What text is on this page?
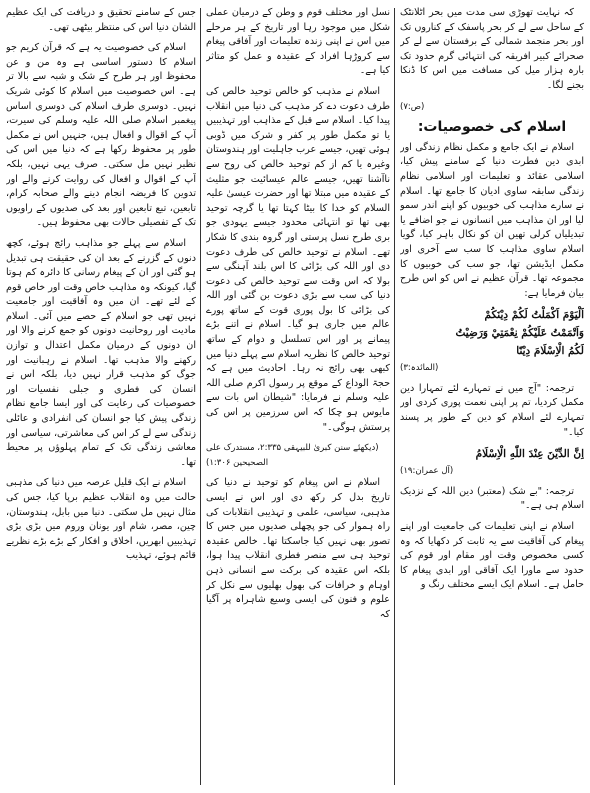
کہ نہایت تھوڑی سی مدت میں بحر اٹلانٹک کے ساحل سے لے کر بحر پاسفک کے کناروں تک اور بحر منجمد شمالی کے برفستان سے لے کر صحرائے کبیر افریقہ کی انتہائی گرم حدود تک بارہ ہزار میل کی مسافت میں اس کا ڈنکا بجنے لگا۔

(ص:۷)

اسلام کی خصوصیات:

اسلام نے ایک جامع و مکمل نظام زندگی اور ابدی دین فطرت دنیا کے سامنے پیش کیا، اسلامی عقائد و تعلیمات اور اسلامی نظام زندگی سابقہ ساوی ادیان کا جامع تھا۔ اسلام نے سارے مذاہب کی خوبیوں کو اپنے اندر سمو لیا اور ان مذاہب میں انسانوں نے جو اضافے یا تبدیلیاں کرلی تھیں ان کو نکال باہر کیا، گویا اسلام ساوی مذاہب کا سب سے آخری اور مکمل ایڈیشن تھا، جو سب کی خوبیوں کا مجموعہ تھا۔ قرآن عظیم نے اس کو اس طرح بیان فرمایا ہے:

اَلْيَوْمَ اَكْمَلْتُ لَكُمْ دِيْنَكُمْ
وَاَتْمَمْتُ عَلَيْكُمْ نِعْمَتِيْ وَرَضِيْتُ
لَكُمُ الْاِسْلَامَ دِيْنًا

(المائدہ:۳)

ترجمہ: "آج میں نے تمہارے لئے تمہارا دین مکمل کردیا، تم پر اپنی نعمت پوری کردی اور تمہارے لئے اسلام کو دین کے طور پر پسند کیا۔"

اِنَّ الدِّيْنَ عِنْدَ اللّٰهِ الْاِسْلَامُ

(آل عمران:۱۹)

ترجمہ: "بے شک (معتبر) دین اللہ کے نزدیک اسلام ہی ہے۔"

اسلام نے اپنی تعلیمات کی جامعیت اور اپنے پیغام کی آفاقیت سے یہ ثابت کر دکھایا کہ وہ کسی مخصوص وقت اور مقام اور قوم کی حدود سے ماورا ایک آفاقی اور ابدی پیغام کا حامل ہے۔ اسلام ایک ایسے مختلف رنگ و

نسل اور مختلف قوم و وطن کے درمیان عملی شکل میں موجود رہا اور تاریخ کے ہر مرحلے میں اس نے اپنی زندہ تعلیمات اور آفاقی پیغام سے کروڑہا افراد کے عقیدہ و عمل کو متاثر کیا ہے۔

اسلام نے مذہب کو خالص توحید خالص کی طرف دعوت دے کر مذہب کی دنیا میں انقلاب پیدا کیا۔ اسلام سے قبل کے مذاہب اور تہذیبیں یا تو مکمل طور پر کفر و شرک میں ڈوبی ہوئی تھیں، جیسے عرب جاہلیت اور ہندوستان وغیرہ یا کم از کم توحید خالص کی روح سے ناآشنا تھیں، جیسے عالم عیسائیت جو مثلیث کے عقیدہ میں مبتلا تھا اور حضرت عیسیٰ علیہ السلام کو خدا کا بیٹا کہتا تھا یا گرچہ توحید بھی تھا تو انتہائی محدود جیسے یہودی جو بری طرح نسل پرستی اور گروہ بندی کا شکار تھے۔ اسلام نے توحید خالص کی طرف دعوت دی اور اللہ کی بڑائی کا اس بلند آہنگی سے بولا کہ اس وقت سے توحید خالص کی دعوت دنیا کی سب سے بڑی دعوت بن گئی اور اللہ کی بڑائی کا بول پوری قوت کے ساتھ پورے عالم میں جاری ہو گیا۔ اسلام نے اتنے بڑے پیمانے پر اور اس تسلسل و دوام کے ساتھ توحید خالص کا نظریہ اسلام سے پہلے دنیا میں کبھی بھی رائج نہ رہا۔ احادیث میں ہے کہ حجۃ الوداع کے موقع پر رسول اکرم صلی اللہ علیہ وسلم نے فرمایا: "شیطان اس بات سے مایوس ہو چکا کہ اس سرزمین پر اس کی پرستش ہوگی۔"

(دیکھئے سنن کبریٰ للبیہقی ۲:۳۳۵، مستدرک علی الصحیحین ۱:۳۰۶)

اسلام نے اس پیغام کو توحید نے دنیا کی تاریخ بدل کر رکھ دی اور اس نے ایسی مذہبی، سیاسی، علمی و تہذیبی انقلابات کی راہ ہموار کی جو پچھلی صدیوں میں جس کا تصور بھی نہیں کیا جاسکتا تھا۔ خالص عقیدہ توحید ہی سے منصر فطری انقلاب پیدا ہوا، بلکہ اس عقیدہ کی برکت سے انسانی ذہن اوہام و خرافات کی بھول بھلیوں سے نکل کر علوم و فنون کی ایسی وسیع شاہراہ پر آگیا کہ

جس کے سامنے تحقیق و دریافت کی ایک عظیم الشان دنیا اس کی منتظر بیٹھی تھی۔

اسلام کی خصوصیت یہ ہے کہ قرآن کریم جو اسلام کا دستور اساسی ہے وہ من و عن محفوظ اور ہر طرح کے شک و شبہ سے بالا تر ہے۔ اس خصوصیت میں اسلام کا کوئی شریک نہیں۔ دوسری طرف اسلام کی دوسری اساس پیغمبر اسلام صلی اللہ علیہ وسلم کی سیرت، آپ کے اقوال و افعال ہیں، جنہیں اس نے مکمل طور پر محفوظ رکھا ہے کہ دنیا میں اس کی نظیر نہیں مل سکتی۔ صرف یہی نہیں، بلکہ آپ کے اقوال و افعال کی روایت کرنے والے اور تدوین کا فریضہ انجام دینے والے صحابہ کرام، تابعین، تبع تابعین اور بعد کی صدیوں کے راویوں تک کے تفصیلی حالات بھی محفوظ ہیں۔

اسلام سے پہلے جو مذاہب رائج ہوئے، کچھ دنوں کے گزرنے کے بعد ان کی حقیقت ہی تبدیل ہو گئی اور ان کے پیغام رسانی کا دائرہ کم ہوتا گیا، کیونکہ وہ مذاہب خاص وقت اور خاص قوم کے لئے تھے۔ ان میں وہ آفاقیت اور جامعیت نہیں تھی جو اسلام کے حصے میں آئی۔ اسلام مادیت اور روحانیت دونوں کو جمع کرنے والا اور ان دونوں کے درمیان مکمل اعتدال و توازن رکھنے والا مذہب تھا۔ اسلام نے رہبانیت اور جوگ کو مذہب قرار نہیں دیا، بلکہ اس نے انسان کی فطری و جبلی نفسیات اور خصوصیات کی رعایت کی اور ایسا جامع نظام زندگی پیش کیا جو انسان کی انفرادی و عائلی زندگی سے لے کر اس کی معاشرتی، سیاسی اور معاشی زندگی تک کے تمام پہلوؤں پر محیط تھا۔

اسلام نے ایک قلیل عرصہ میں دنیا کی مذہبی حالت میں وہ انقلاب عظیم برپا کیا، جس کی مثال نہیں مل سکتی۔ دنیا میں بابل، ہندوستان، چین، مصر، شام اور یونان وروم میں بڑی بڑی تہذیبیں ابھریں، اخلاق و افکار کے بڑے بڑے نظریے قائم ہوئے، تہذیب
